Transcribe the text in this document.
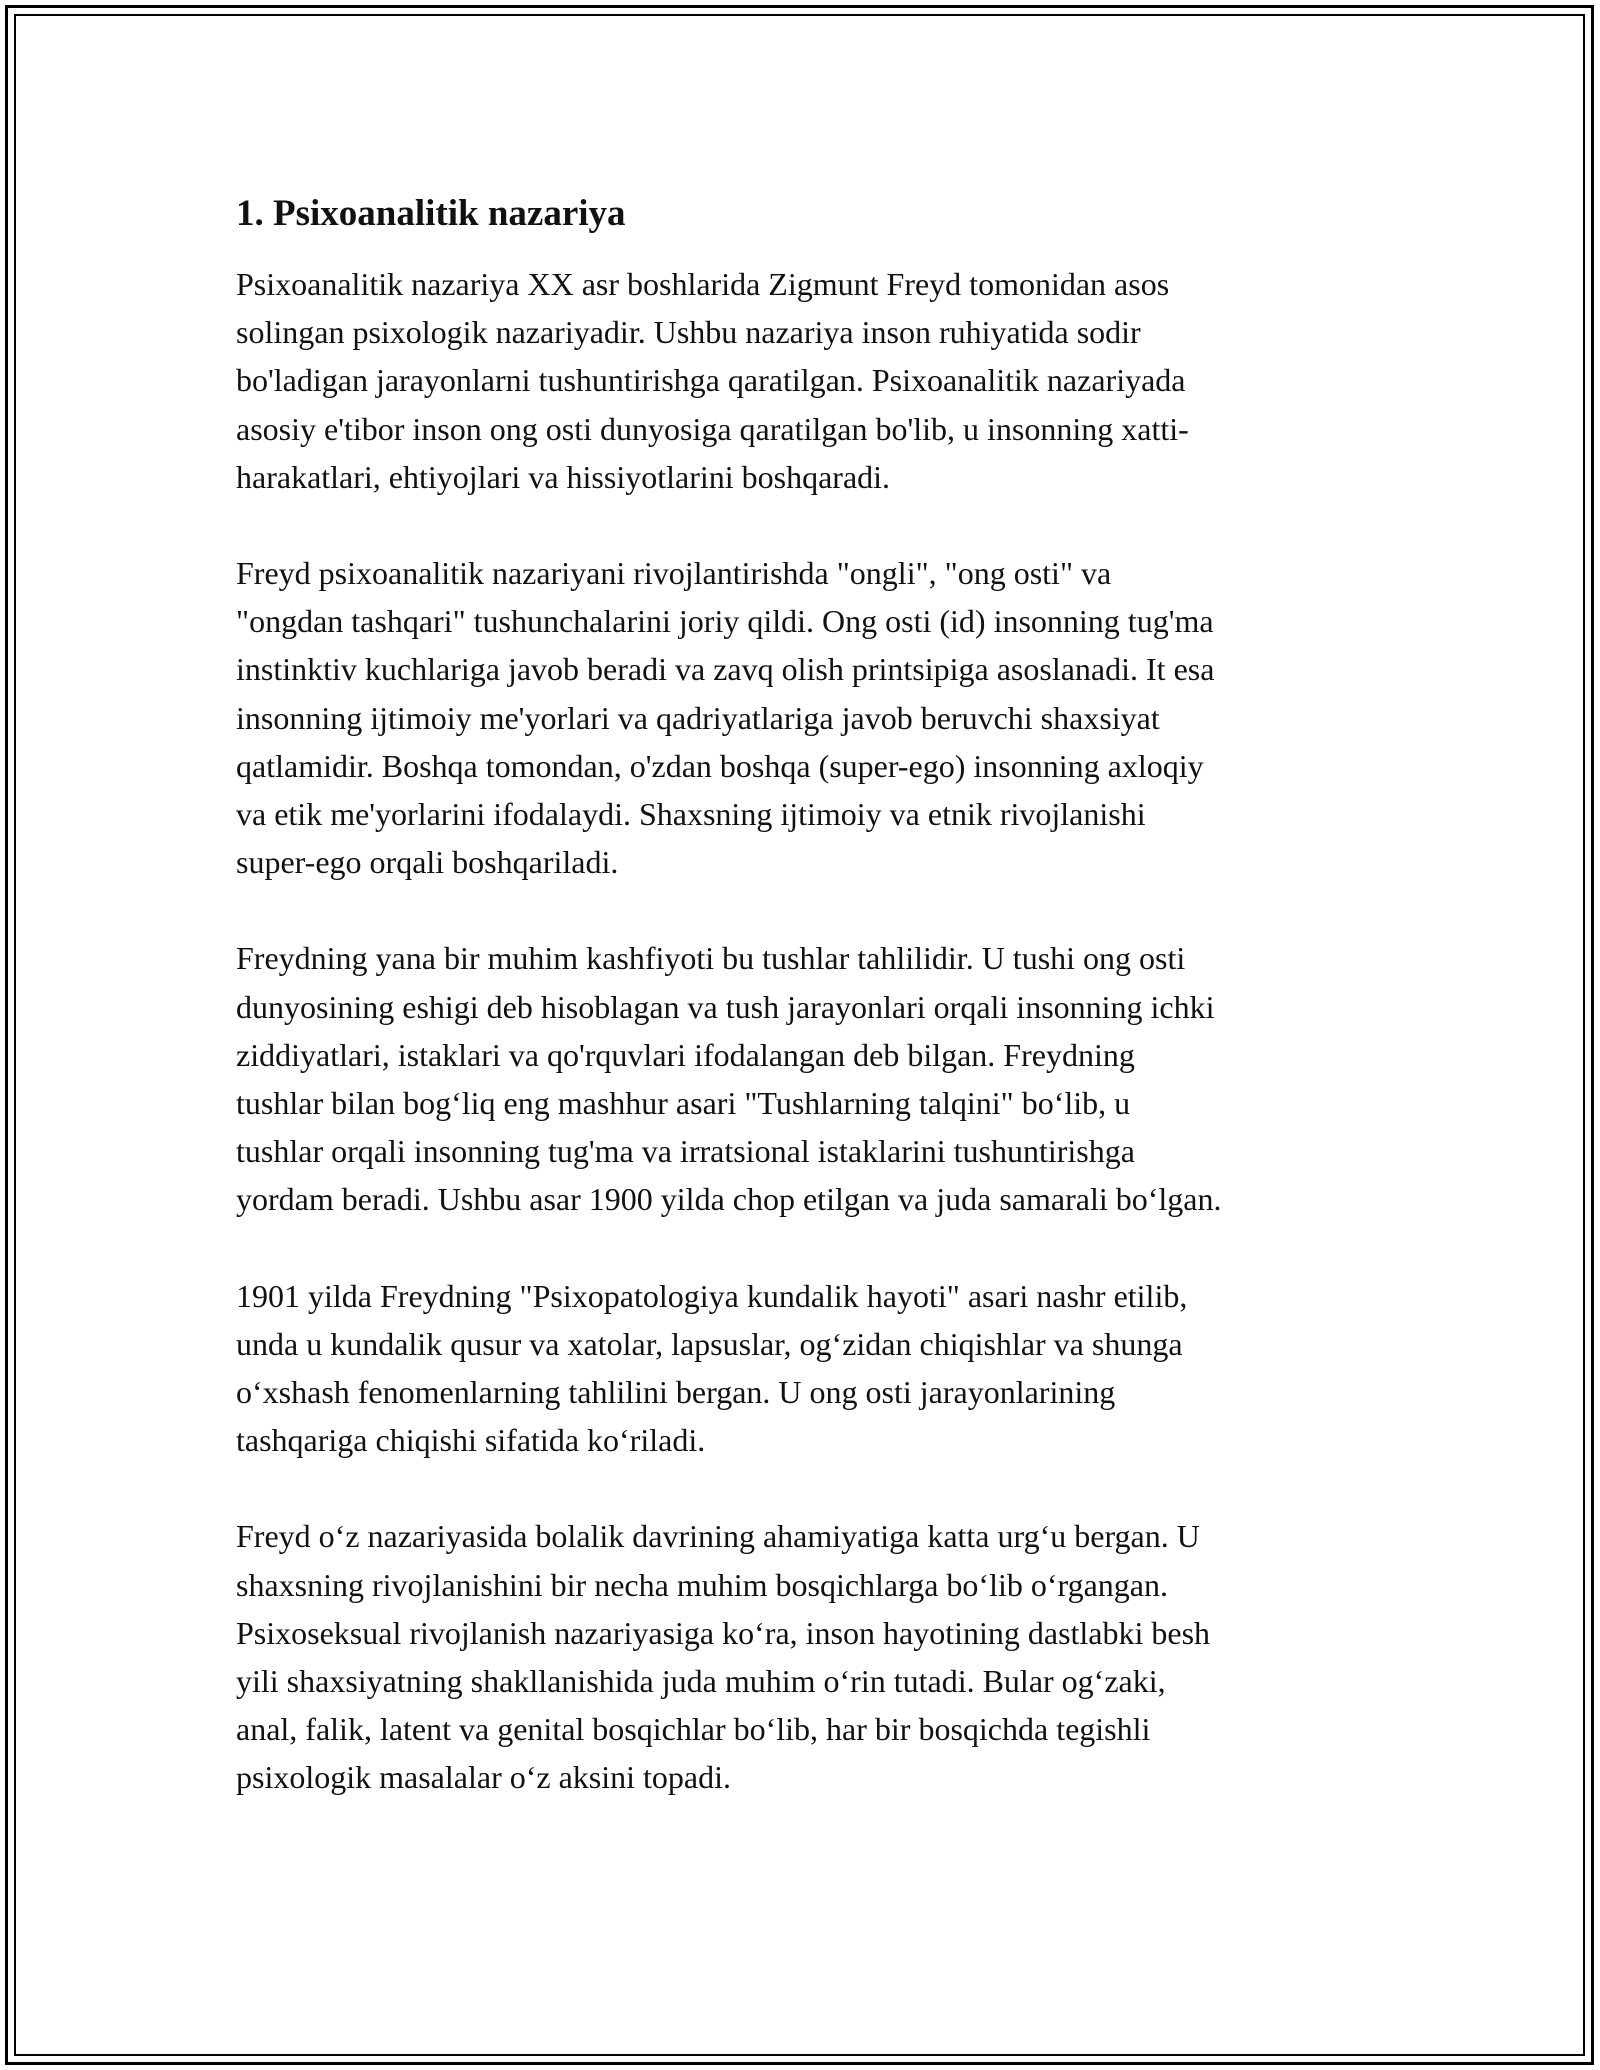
1. Psixoanalitik nazariya

Psixoanalitik nazariya XX asr boshlarida Zigmunt Freyd tomonidan asos
solingan psixologik nazariyadir. Ushbu nazariya inson ruhiyatida sodir
bo'ladigan jarayonlarni tushuntirishga qaratilgan. Psixoanalitik nazariyada
asosiy e'tibor inson ong osti dunyosiga qaratilgan bo'lib, u insonning xatti-
harakatlari, ehtiyojlari va hissiyotlarini boshqaradi.

Freyd psixoanalitik nazariyani rivojlantirishda "ongli", "ong osti" va
"ongdan tashqari" tushunchalarini joriy qildi. Ong osti (id) insonning tug'ma
instinktiv kuchlariga javob beradi va zavq olish printsipiga asoslanadi. It esa
insonning ijtimoiy me'yorlari va qadriyatlariga javob beruvchi shaxsiyat
qatlamidir. Boshqa tomondan, o'zdan boshqa (super-ego) insonning axloqiy
va etik me'yorlarini ifodalaydi. Shaxsning ijtimoiy va etnik rivojlanishi
super-ego orqali boshqariladi.

Freydning yana bir muhim kashfiyoti bu tushlar tahlilidir. U tushi ong osti
dunyosining eshigi deb hisoblagan va tush jarayonlari orqali insonning ichki
ziddiyatlari, istaklari va qo'rquvlari ifodalangan deb bilgan. Freydning
tushlar bilan bog‘liq eng mashhur asari "Tushlarning talqini" bo‘lib, u
tushlar orqali insonning tug'ma va irratsional istaklarini tushuntirishga
yordam beradi. Ushbu asar 1900 yilda chop etilgan va juda samarali bo‘lgan.

1901 yilda Freydning "Psixopatologiya kundalik hayoti" asari nashr etilib,
unda u kundalik qusur va xatolar, lapsuslar, og‘zidan chiqishlar va shunga
o‘xshash fenomenlarning tahlilini bergan. U ong osti jarayonlarining
tashqariga chiqishi sifatida ko‘riladi.

Freyd o‘z nazariyasida bolalik davrining ahamiyatiga katta urg‘u bergan. U
shaxsning rivojlanishini bir necha muhim bosqichlarga bo‘lib o‘rgangan.
Psixoseksual rivojlanish nazariyasiga ko‘ra, inson hayotining dastlabki besh
yili shaxsiyatning shakllanishida juda muhim o‘rin tutadi. Bular og‘zaki,
anal, falik, latent va genital bosqichlar bo‘lib, har bir bosqichda tegishli
psixologik masalalar o‘z aksini topadi.
